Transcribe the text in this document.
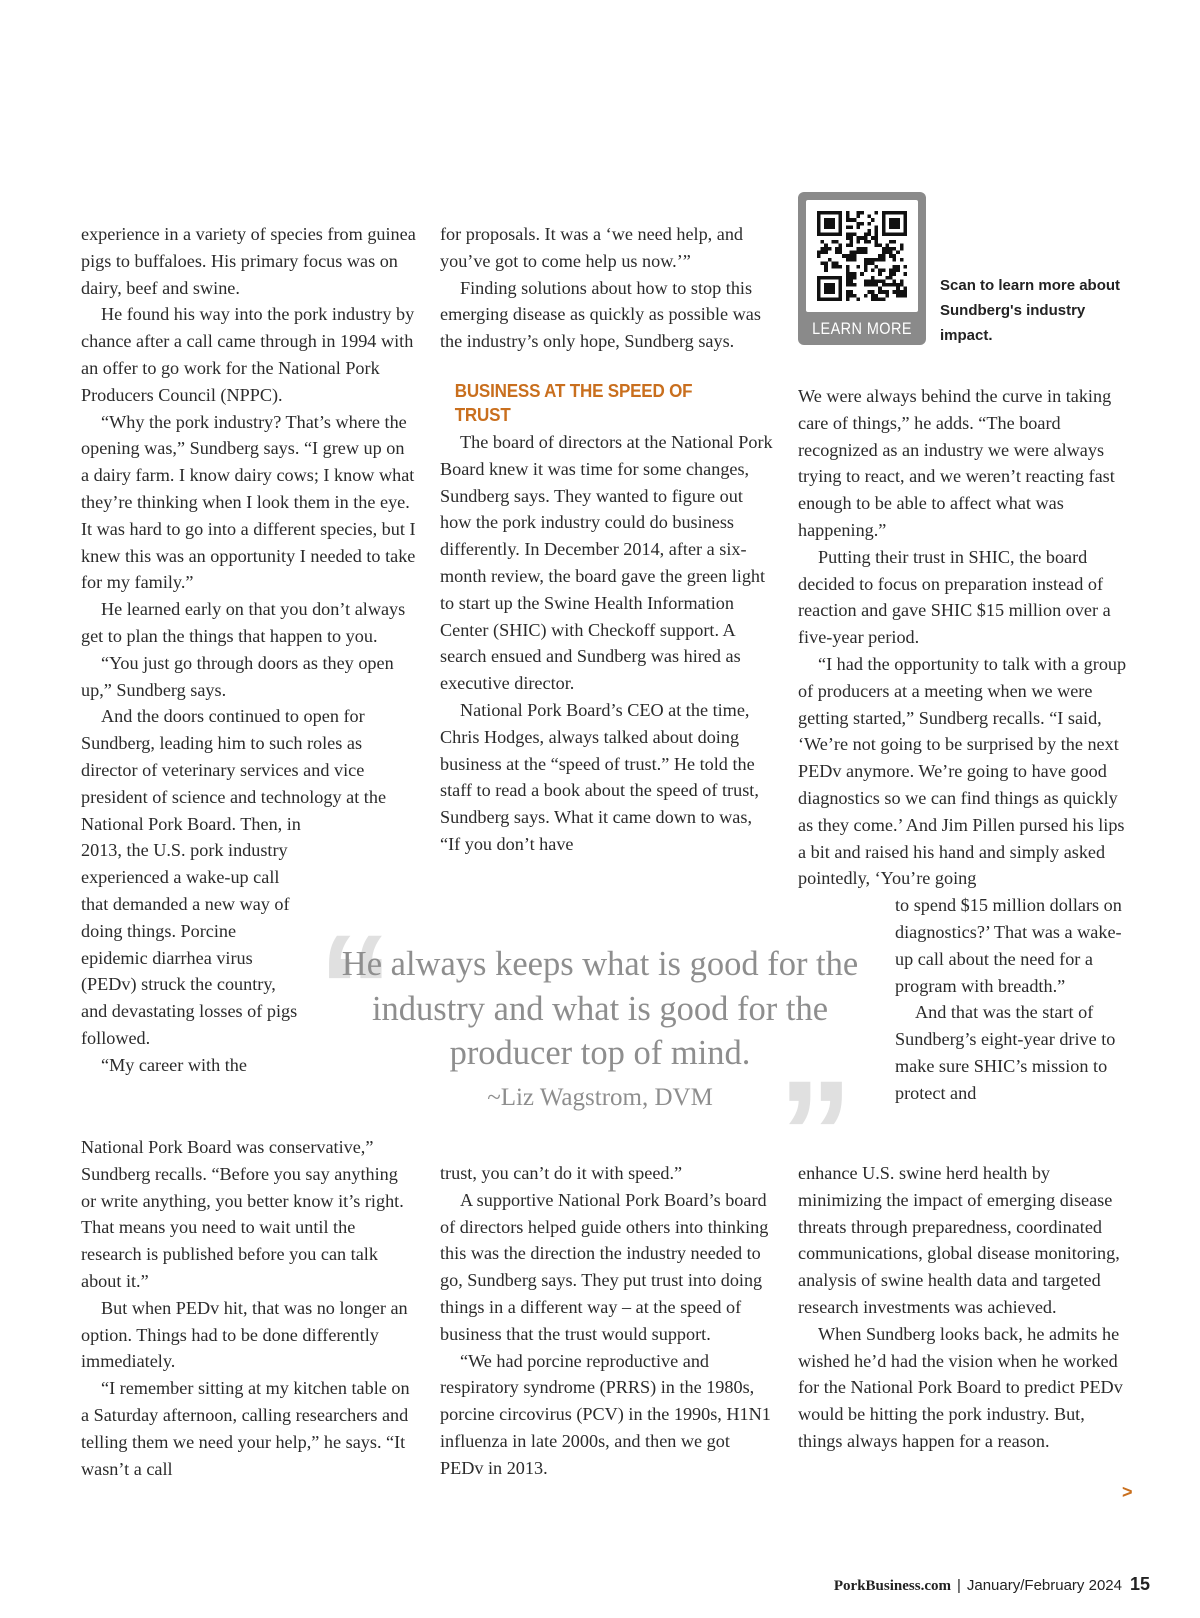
experience in a variety of species from guinea pigs to buffaloes. His primary focus was on dairy, beef and swine.

He found his way into the pork industry by chance after a call came through in 1994 with an offer to go work for the National Pork Producers Council (NPPC).

“Why the pork industry? That’s where the opening was,” Sundberg says. “I grew up on a dairy farm. I know dairy cows; I know what they’re thinking when I look them in the eye. It was hard to go into a different species, but I knew this was an opportunity I needed to take for my family.”

He learned early on that you don’t always get to plan the things that happen to you.

“You just go through doors as they open up,” Sundberg says.

And the doors continued to open for Sundberg, leading him to such roles as director of veterinary services and vice president of science and technology at the National Pork Board. Then, in

2013, the U.S. pork industry experienced a wake-up call that demanded a new way of doing things. Porcine epidemic diarrhea virus (PEDv) struck the country, and devastating losses of pigs followed.

“My career with the

National Pork Board was conservative,” Sundberg recalls. “Before you say anything or write anything, you better know it’s right. That means you need to wait until the research is published before you can talk about it.”

But when PEDv hit, that was no longer an option. Things had to be done differently immediately.

“I remember sitting at my kitchen table on a Saturday afternoon, calling researchers and telling them we need your help,” he says. “It wasn’t a call

for proposals. It was a ‘we need help, and you’ve got to come help us now.’”

Finding solutions about how to stop this emerging disease as quickly as possible was the industry’s only hope, Sundberg says.

BUSINESS AT THE SPEED OF TRUST

The board of directors at the National Pork Board knew it was time for some changes, Sundberg says. They wanted to figure out how the pork industry could do business differently. In December 2014, after a six-month review, the board gave the green light to start up the Swine Health Information Center (SHIC) with Checkoff support. A search ensued and Sundberg was hired as executive director.

National Pork Board’s CEO at the time, Chris Hodges, always talked about doing business at the “speed of trust.” He told the staff to read a book about the speed of trust, Sundberg says. What it came down to was, “If you don’t have

trust, you can’t do it with speed.”

A supportive National Pork Board’s board of directors helped guide others into thinking this was the direction the industry needed to go, Sundberg says. They put trust into doing things in a different way – at the speed of business that the trust would support.

“We had porcine reproductive and respiratory syndrome (PRRS) in the 1980s, porcine circovirus (PCV) in the 1990s, H1N1 influenza in late 2000s, and then we got PEDv in 2013.

LEARN MORE
Scan to learn more about Sundberg's industry impact.

We were always behind the curve in taking care of things,” he adds. “The board recognized as an industry we were always trying to react, and we weren’t reacting fast enough to be able to affect what was happening.”

Putting their trust in SHIC, the board decided to focus on preparation instead of reaction and gave SHIC $15 million over a five-year period.

“I had the opportunity to talk with a group of producers at a meeting when we were getting started,” Sundberg recalls. “I said, ‘We’re not going to be surprised by the next PEDv anymore. We’re going to have good diagnostics so we can find things as quickly as they come.’ And Jim Pillen pursed his lips a bit and raised his hand and simply asked pointedly, ‘You’re going

to spend $15 million dollars on diagnostics?’ That was a wake-up call about the need for a program with breadth.”

And that was the start of Sundberg’s eight-year drive to make sure SHIC’s mission to protect and

enhance U.S. swine herd health by minimizing the impact of emerging disease threats through preparedness, coordinated communications, global disease monitoring, analysis of swine health data and targeted research investments was achieved.

When Sundberg looks back, he admits he wished he’d had the vision when he worked for the National Pork Board to predict PEDv would be hitting the pork industry. But, things always happen for a reason.

“
”
He always keeps what is good for the industry and what is good for the producer top of mind.
~Liz Wagstrom, DVM
>
PorkBusiness.com | January/February 2024 15
